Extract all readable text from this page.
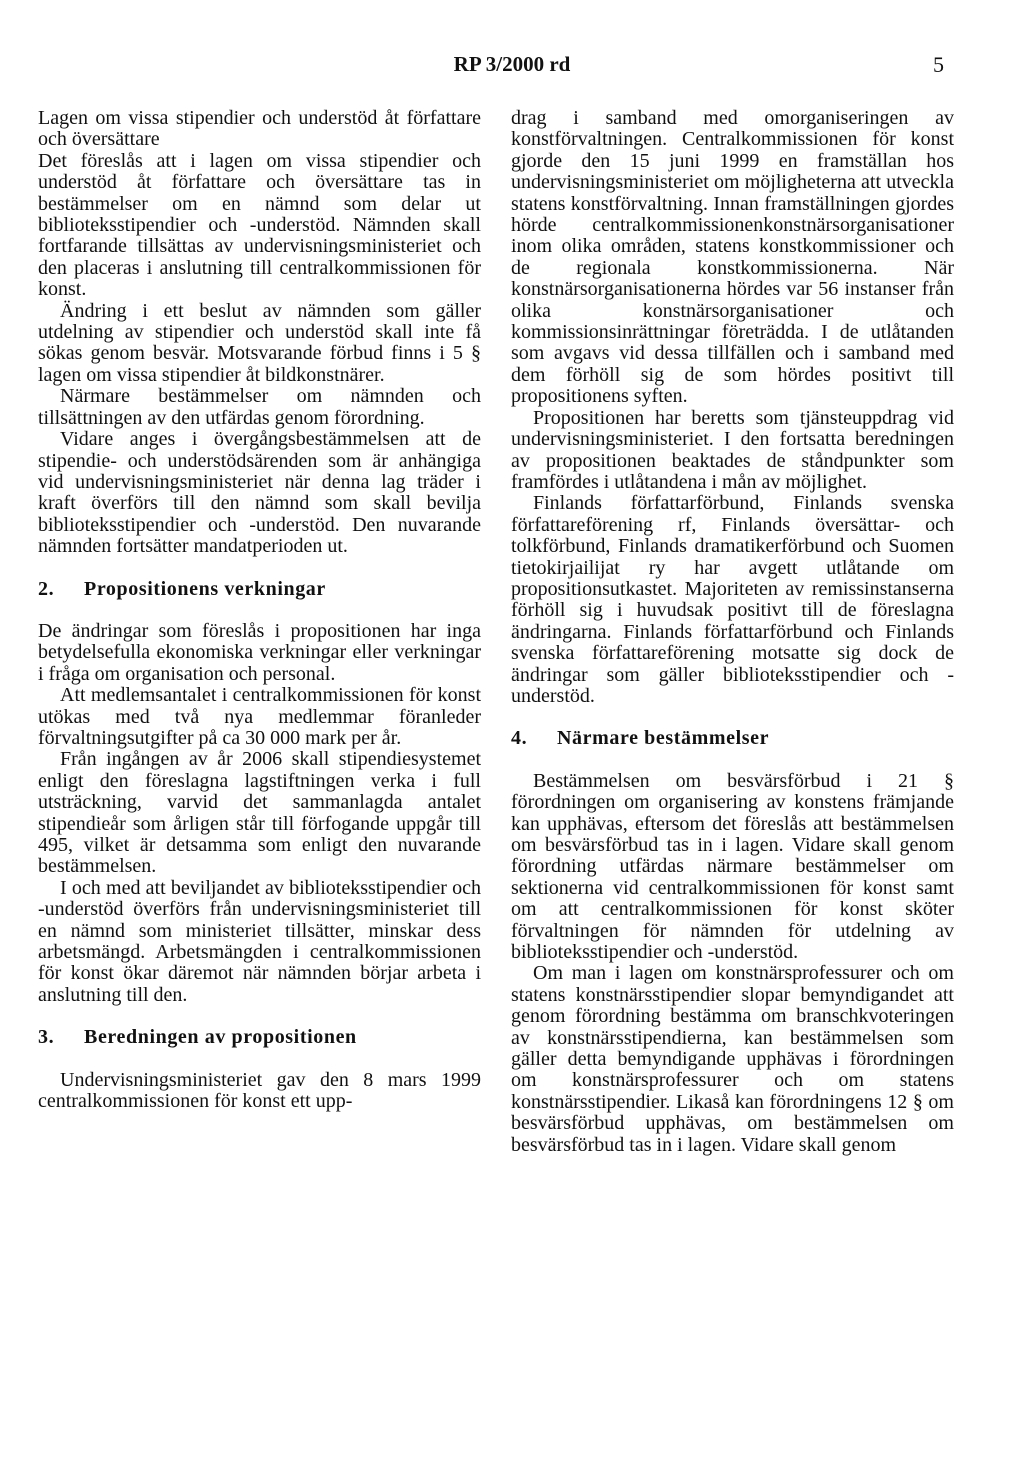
RP 3/2000 rd	5

Lagen om vissa stipendier och understöd åt författare och översättare

Det föreslås att i lagen om vissa stipendier och understöd åt författare och översättare tas in bestämmelser om en nämnd som delar ut biblioteksstipendier och -understöd. Nämnden skall fortfarande tillsättas av undervisningsministeriet och den placeras i anslutning till centralkommissionen för konst.

Ändring i ett beslut av nämnden som gäller utdelning av stipendier och understöd skall inte få sökas genom besvär. Motsvarande förbud finns i 5 § lagen om vissa stipendier åt bildkonstnärer.

Närmare bestämmelser om nämnden och tillsättningen av den utfärdas genom förordning.

Vidare anges i övergångsbestämmelsen att de stipendie- och understödsärenden som är anhängiga vid undervisningsministeriet när denna lag träder i kraft överförs till den nämnd som skall bevilja biblioteksstipendier och -understöd. Den nuvarande nämnden fortsätter mandatperioden ut.

2. Propositionens verkningar

De ändringar som föreslås i propositionen har inga betydelsefulla ekonomiska verkningar eller verkningar i fråga om organisation och personal.

Att medlemsantalet i centralkommissionen för konst utökas med två nya medlemmar föranleder förvaltningsutgifter på ca 30 000 mark per år.

Från ingången av år 2006 skall stipendiesystemet enligt den föreslagna lagstiftningen verka i full utsträckning, varvid det sammanlagda antalet stipendieår som årligen står till förfogande uppgår till 495, vilket är detsamma som enligt den nuvarande bestämmelsen.

I och med att beviljandet av biblioteksstipendier och -understöd överförs från undervisningsministeriet till en nämnd som ministeriet tillsätter, minskar dess arbetsmängd. Arbetsmängden i centralkommissionen för konst ökar däremot när nämnden börjar arbeta i anslutning till den.

3. Beredningen av propositionen

Undervisningsministeriet gav den 8 mars 1999 centralkommissionen för konst ett upp-

drag i samband med omorganiseringen av konstförvaltningen. Centralkommissionen för konst gjorde den 15 juni 1999 en framställan hos undervisningsministeriet om möjligheterna att utveckla statens konstförvaltning. Innan framställningen gjordes hörde centralkommissionenkonstnärsorganisationer inom olika områden, statens konstkommissioner och de regionala konstkommissionerna. När konstnärsorganisationerna hördes var 56 instanser från olika konstnärsorganisationer och kommissionsinrättningar företrädda. I de utlåtanden som avgavs vid dessa tillfällen och i samband med dem förhöll sig de som hördes positivt till propositionens syften.

Propositionen har beretts som tjänsteuppdrag vid undervisningsministeriet. I den fortsatta beredningen av propositionen beaktades de ståndpunkter som framfördes i utlåtandena i mån av möjlighet.

Finlands författarförbund, Finlands svenska författareförening rf, Finlands översättar- och tolkförbund, Finlands dramatikerförbund och Suomen tietokirjailijat ry har avgett utlåtande om propositionsutkastet. Majoriteten av remissinstanserna förhöll sig i huvudsak positivt till de föreslagna ändringarna. Finlands författarförbund och Finlands svenska författareförening motsatte sig dock de ändringar som gäller biblioteksstipendier och -understöd.

4. Närmare bestämmelser

Bestämmelsen om besvärsförbud i 21 § förordningen om organisering av konstens främjande kan upphävas, eftersom det föreslås att bestämmelsen om besvärsförbud tas in i lagen. Vidare skall genom förordning utfärdas närmare bestämmelser om sektionerna vid centralkommissionen för konst samt om att centralkommissionen för konst sköter förvaltningen för nämnden för utdelning av biblioteksstipendier och -understöd.

Om man i lagen om konstnärsprofessurer och om statens konstnärsstipendier slopar bemyndigandet att genom förordning bestämma om branschkvoteringen av konstnärsstipendierna, kan bestämmelsen som gäller detta bemyndigande upphävas i förordningen om konstnärsprofessurer och om statens konstnärsstipendier. Likaså kan förordningens 12 § om besvärsförbud upphävas, om bestämmelsen om besvärsförbud tas in i lagen. Vidare skall genom
